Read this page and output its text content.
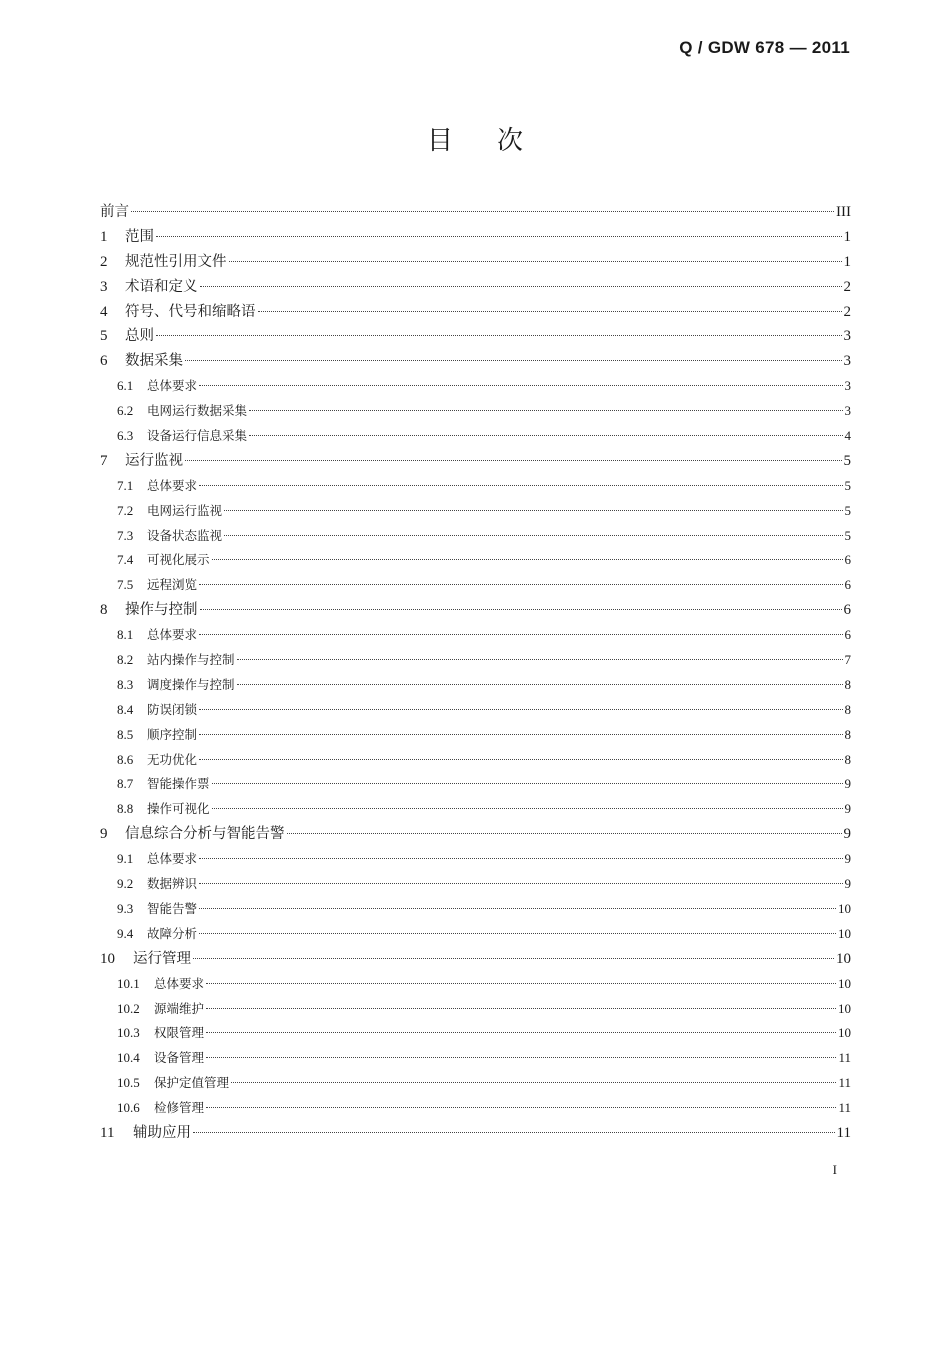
Q / GDW 678 — 2011
目次
前言	III
1	范围	1
2	规范性引用文件	1
3	术语和定义	2
4	符号、代号和缩略语	2
5	总则	3
6	数据采集	3
6.1	总体要求	3
6.2	电网运行数据采集	3
6.3	设备运行信息采集	4
7	运行监视	5
7.1	总体要求	5
7.2	电网运行监视	5
7.3	设备状态监视	5
7.4	可视化展示	6
7.5	远程浏览	6
8	操作与控制	6
8.1	总体要求	6
8.2	站内操作与控制	7
8.3	调度操作与控制	8
8.4	防误闭锁	8
8.5	顺序控制	8
8.6	无功优化	8
8.7	智能操作票	9
8.8	操作可视化	9
9	信息综合分析与智能告警	9
9.1	总体要求	9
9.2	数据辨识	9
9.3	智能告警	10
9.4	故障分析	10
10	运行管理	10
10.1	总体要求	10
10.2	源端维护	10
10.3	权限管理	10
10.4	设备管理	11
10.5	保护定值管理	11
10.6	检修管理	11
11	辅助应用	11
I
